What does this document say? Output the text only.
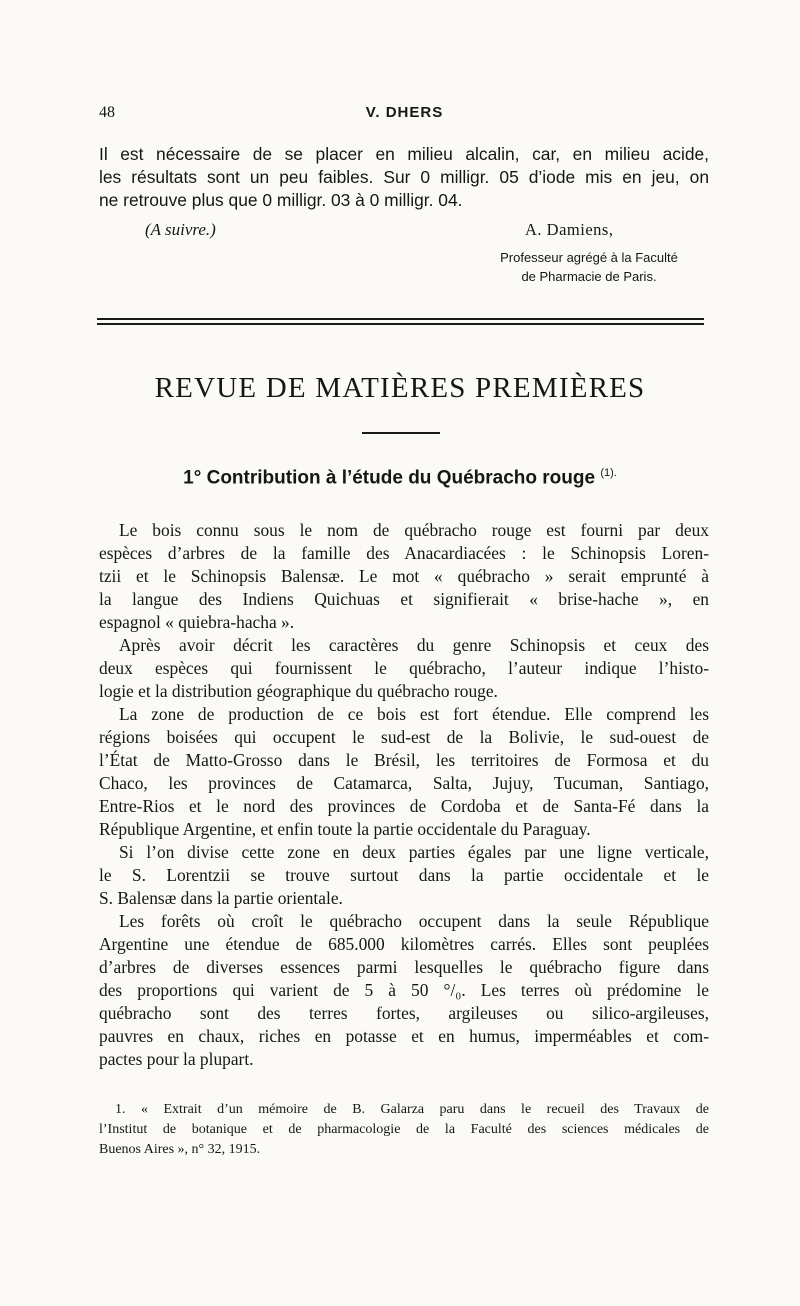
48	V. DHERS
Il est nécessaire de se placer en milieu alcalin, car, en milieu acide,
les résultats sont un peu faibles. Sur 0 milligr. 05 d’iode mis en jeu, on
ne retrouve plus que 0 milligr. 03 à 0 milligr. 04.
(A suivre.)	A. Damiens,
Professeur agrégé à la Faculté
de Pharmacie de Paris.
REVUE DE MATIÈRES PREMIÈRES
1° Contribution à l’étude du Québracho rouge $^{(1).}$
Le bois connu sous le nom de québracho rouge est fourni par deux
espèces d’arbres de la famille des Anacardiacées : le Schinopsis Loren-
tzii et le Schinopsis Balensæ. Le mot « québracho » serait emprunté à
la langue des Indiens Quichuas et signifierait « brise-hache », en
espagnol « quiebra-hacha ».
Après avoir décrit les caractères du genre Schinopsis et ceux des
deux espèces qui fournissent le québracho, l’auteur indique l’histo-
logie et la distribution géographique du québracho rouge.
La zone de production de ce bois est fort étendue. Elle comprend les
régions boisées qui occupent le sud-est de la Bolivie, le sud-ouest de
l’État de Matto-Grosso dans le Brésil, les territoires de Formosa et du
Chaco, les provinces de Catamarca, Salta, Jujuy, Tucuman, Santiago,
Entre-Rios et le nord des provinces de Cordoba et de Santa-Fé dans la
République Argentine, et enfin toute la partie occidentale du Paraguay.
Si l’on divise cette zone en deux parties égales par une ligne verticale,
le S. Lorentzii se trouve surtout dans la partie occidentale et le
S. Balensæ dans la partie orientale.
Les forêts où croît le québracho occupent dans la seule République
Argentine une étendue de 685.000 kilomètres carrés. Elles sont peuplées
d’arbres de diverses essences parmi lesquelles le québracho figure dans
des proportions qui varient de 5 à 50 °/₀. Les terres où prédomine le
québracho sont des terres fortes, argileuses ou silico-argileuses,
pauvres en chaux, riches en potasse et en humus, imperméables et com-
pactes pour la plupart.
1. « Extrait d’un mémoire de B. Galarza paru dans le recueil des Travaux de
l’Institut de botanique et de pharmacologie de la Faculté des sciences médicales de
Buenos Aires », n° 32, 1915.
